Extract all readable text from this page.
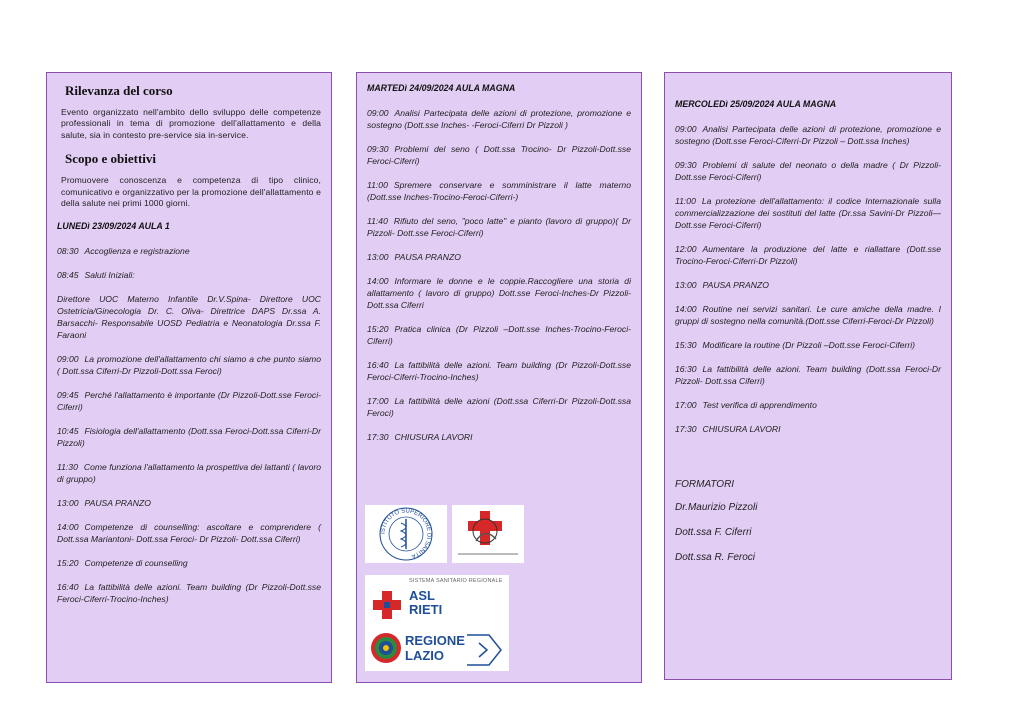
Rilevanza del corso
Evento organizzato nell'ambito dello sviluppo delle competenze professionali in tema di promozione dell'allattamento e della salute, sia in contesto pre-service sia in-service.
Scopo e obiettivi
Promuovere conoscenza e competenza di tipo clinico, comunicativo e organizzativo per la promozione dell'allattamento e della salute nei primi 1000 giorni.
LUNEDì 23/09/2024 AULA 1
08:30 Accoglienza e registrazione
08:45 Saluti Iniziali:
Direttore UOC Materno Infantile Dr.V.Spina- Direttore UOC Ostetricia/Ginecologia Dr. C. Oliva- Direttrice DAPS Dr.ssa A. Barsacchi- Responsabile UOSD Pediatria e Neonatologia Dr.ssa F. Faraoni
09:00 La promozione dell'allattamento chi siamo a che punto siamo ( Dott.ssa Ciferri-Dr Pizzoli-Dott.ssa Feroci)
09:45 Perché l'allattamento è importante (Dr Pizzoli-Dott.sse Feroci-Ciferri)
10:45 Fisiologia dell'allattamento (Dott.ssa Feroci-Dott.ssa Ciferri-Dr Pizzoli)
11:30 Come funziona l'allattamento la prospettiva dei lattanti ( lavoro di gruppo)
13:00 PAUSA PRANZO
14:00 Competenze di counselling: ascoltare e comprendere ( Dott.ssa Mariantoni- Dott.ssa Feroci- Dr Pizzoli- Dott.ssa Ciferri)
15:20 Competenze di counselling
16:40 La fattibilità delle azioni. Team building (Dr Pizzoli-Dott.sse Feroci-Ciferri-Trocino-Inches)
MARTEDì 24/09/2024 AULA MAGNA
09:00 Analisi Partecipata delle azioni di protezione, promozione e sostegno (Dott.sse Inches- -Feroci-Ciferri Dr Pizzoli )
09:30 Problemi del seno ( Dott.ssa Trocino- Dr Pizzoli-Dott.sse Feroci-Ciferri)
11:00 Spremere conservare e somministrare il latte materno (Dott.sse Inches-Trocino-Feroci-Ciferri-)
11:40 Rifiuto del seno, "poco latte" e pianto (lavoro di gruppo)( Dr Pizzoli- Dott.sse Feroci-Ciferri)
13:00 PAUSA PRANZO
14:00 Informare le donne e le coppie.Raccogliere una storia di allattamento ( lavoro di gruppo) Dott.sse Feroci-Inches-Dr Pizzoli-Dott.ssa Ciferri
15:20 Pratica clinica (Dr Pizzoli –Dott.sse Inches-Trocino-Feroci-Ciferri)
16:40 La fattibilità delle azioni. Team building (Dr Pizzoli-Dott.sse Feroci-Ciferri-Trocino-Inches)
17:00 La fattibilità delle azioni (Dott.ssa Ciferri-Dr Pizzoli-Dott.ssa Feroci)
17:30 CHIUSURA LAVORI
ISTITUTO SUPERIORE DI SANITÀ
SISTEMA SANITARIO REGIONALE
ASL
RIETI
REGIONE
LAZIO
MERCOLEDì 25/09/2024 AULA MAGNA
09:00 Analisi Partecipata delle azioni di protezione, promozione e sostegno (Dott.sse Feroci-Ciferri-Dr Pizzoli – Dott.ssa Inches)
09:30 Problemi di salute del neonato o della madre ( Dr Pizzoli-Dott.sse Feroci-Ciferri)
11:00 La protezione dell'allattamento: il codice Internazionale sulla commercializzazione dei sostituti del latte (Dr.ssa Savini-Dr Pizzoli—Dott.sse Feroci-Ciferri)
12:00 Aumentare la produzione del latte e riallattare (Dott.sse Trocino-Feroci-Ciferri-Dr Pizzoli)
13:00 PAUSA PRANZO
14:00 Routine nei servizi sanitari. Le cure amiche della madre. I gruppi di sostegno nella comunità.(Dott.sse Ciferri-Feroci-Dr Pizzoli)
15:30 Modificare la routine (Dr Pizzoli –Dott.sse Feroci-Ciferri)
16:30 La fattibilità delle azioni. Team building (Dott.ssa Feroci-Dr Pizzoli- Dott.ssa Ciferri)
17:00 Test verifica di apprendimento
17:30 CHIUSURA LAVORI
FORMATORI
Dr.Maurizio Pizzoli
Dott.ssa F. Ciferri
Dott.ssa R. Feroci
